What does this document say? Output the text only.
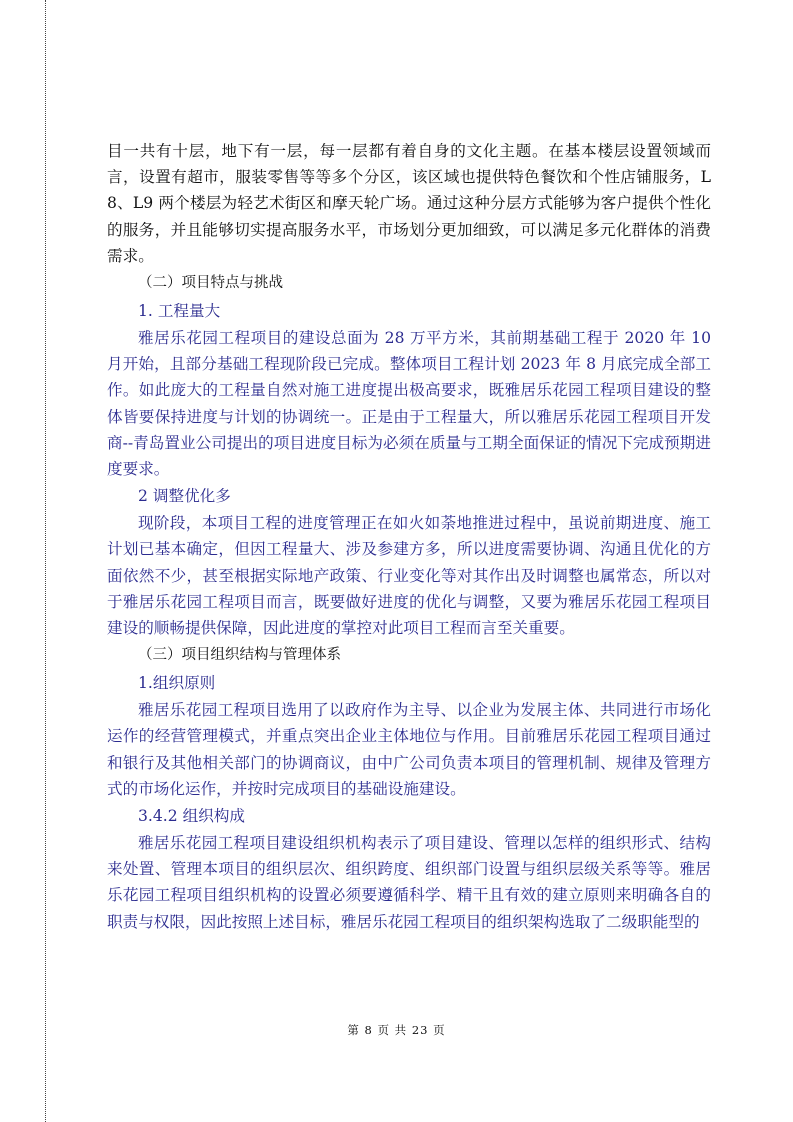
目一共有十层，地下有一层，每一层都有着自身的文化主题。在基本楼层设置领域而言，设置有超市，服装零售等等多个分区，该区域也提供特色餐饮和个性店铺服务，L8、L9 两个楼层为轻艺术街区和摩天轮广场。通过这种分层方式能够为客户提供个性化的服务，并且能够切实提高服务水平，市场划分更加细致，可以满足多元化群体的消费需求。

（二）项目特点与挑战

1. 工程量大

雅居乐花园工程项目的建设总面为 28 万平方米，其前期基础工程于 2020 年 10 月开始，且部分基础工程现阶段已完成。整体项目工程计划 2023 年 8 月底完成全部工作。如此庞大的工程量自然对施工进度提出极高要求，既雅居乐花园工程项目建设的整体皆要保持进度与计划的协调统一。正是由于工程量大，所以雅居乐花园工程项目开发商--青岛置业公司提出的项目进度目标为必须在质量与工期全面保证的情况下完成预期进度要求。

2 调整优化多

现阶段，本项目工程的进度管理正在如火如荼地推进过程中，虽说前期进度、施工计划已基本确定，但因工程量大、涉及参建方多，所以进度需要协调、沟通且优化的方面依然不少，甚至根据实际地产政策、行业变化等对其作出及时调整也属常态，所以对于雅居乐花园工程项目而言，既要做好进度的优化与调整，又要为雅居乐花园工程项目建设的顺畅提供保障，因此进度的掌控对此项目工程而言至关重要。

（三）项目组织结构与管理体系

1.组织原则

雅居乐花园工程项目选用了以政府作为主导、以企业为发展主体、共同进行市场化运作的经营管理模式，并重点突出企业主体地位与作用。目前雅居乐花园工程项目通过和银行及其他相关部门的协调商议，由中广公司负责本项目的管理机制、规律及管理方式的市场化运作，并按时完成项目的基础设施建设。

3.4.2 组织构成

雅居乐花园工程项目建设组织机构表示了项目建设、管理以怎样的组织形式、结构来处置、管理本项目的组织层次、组织跨度、组织部门设置与组织层级关系等等。雅居乐花园工程项目组织机构的设置必须要遵循科学、精干且有效的建立原则来明确各自的职责与权限，因此按照上述目标，雅居乐花园工程项目的组织架构选取了二级职能型的

第 8 页 共 23 页
